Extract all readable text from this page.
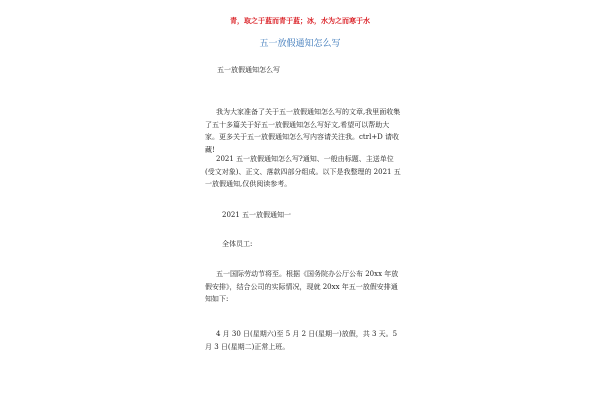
青，取之于蓝而青于蓝；冰，水为之而寒于水
五一放假通知怎么写
五一放假通知怎么写
我为大家准备了关于五一放假通知怎么写的文章,我里面收集了五十多篇关于好五一放假通知怎么写好文,希望可以帮助大家。更多关于五一放假通知怎么写内容请关注我。ctrl+D 请收藏!
2021 五一放假通知怎么写?通知、一般由标题、主送单位(受文对象)、正文、落款四部分组成。以下是我整理的 2021 五一放假通知,仅供阅读参考。
2021 五一放假通知一
全体员工:
五一国际劳动节将至。根据《国务院办公厅公布 20xx 年放假安排》，结合公司的实际情况，现就 20xx 年五一放假安排通知如下:
4 月 30 日(星期六)至 5 月 2 日(星期一)放假，共 3 天。5 月 3 日(星期二)正常上班。
